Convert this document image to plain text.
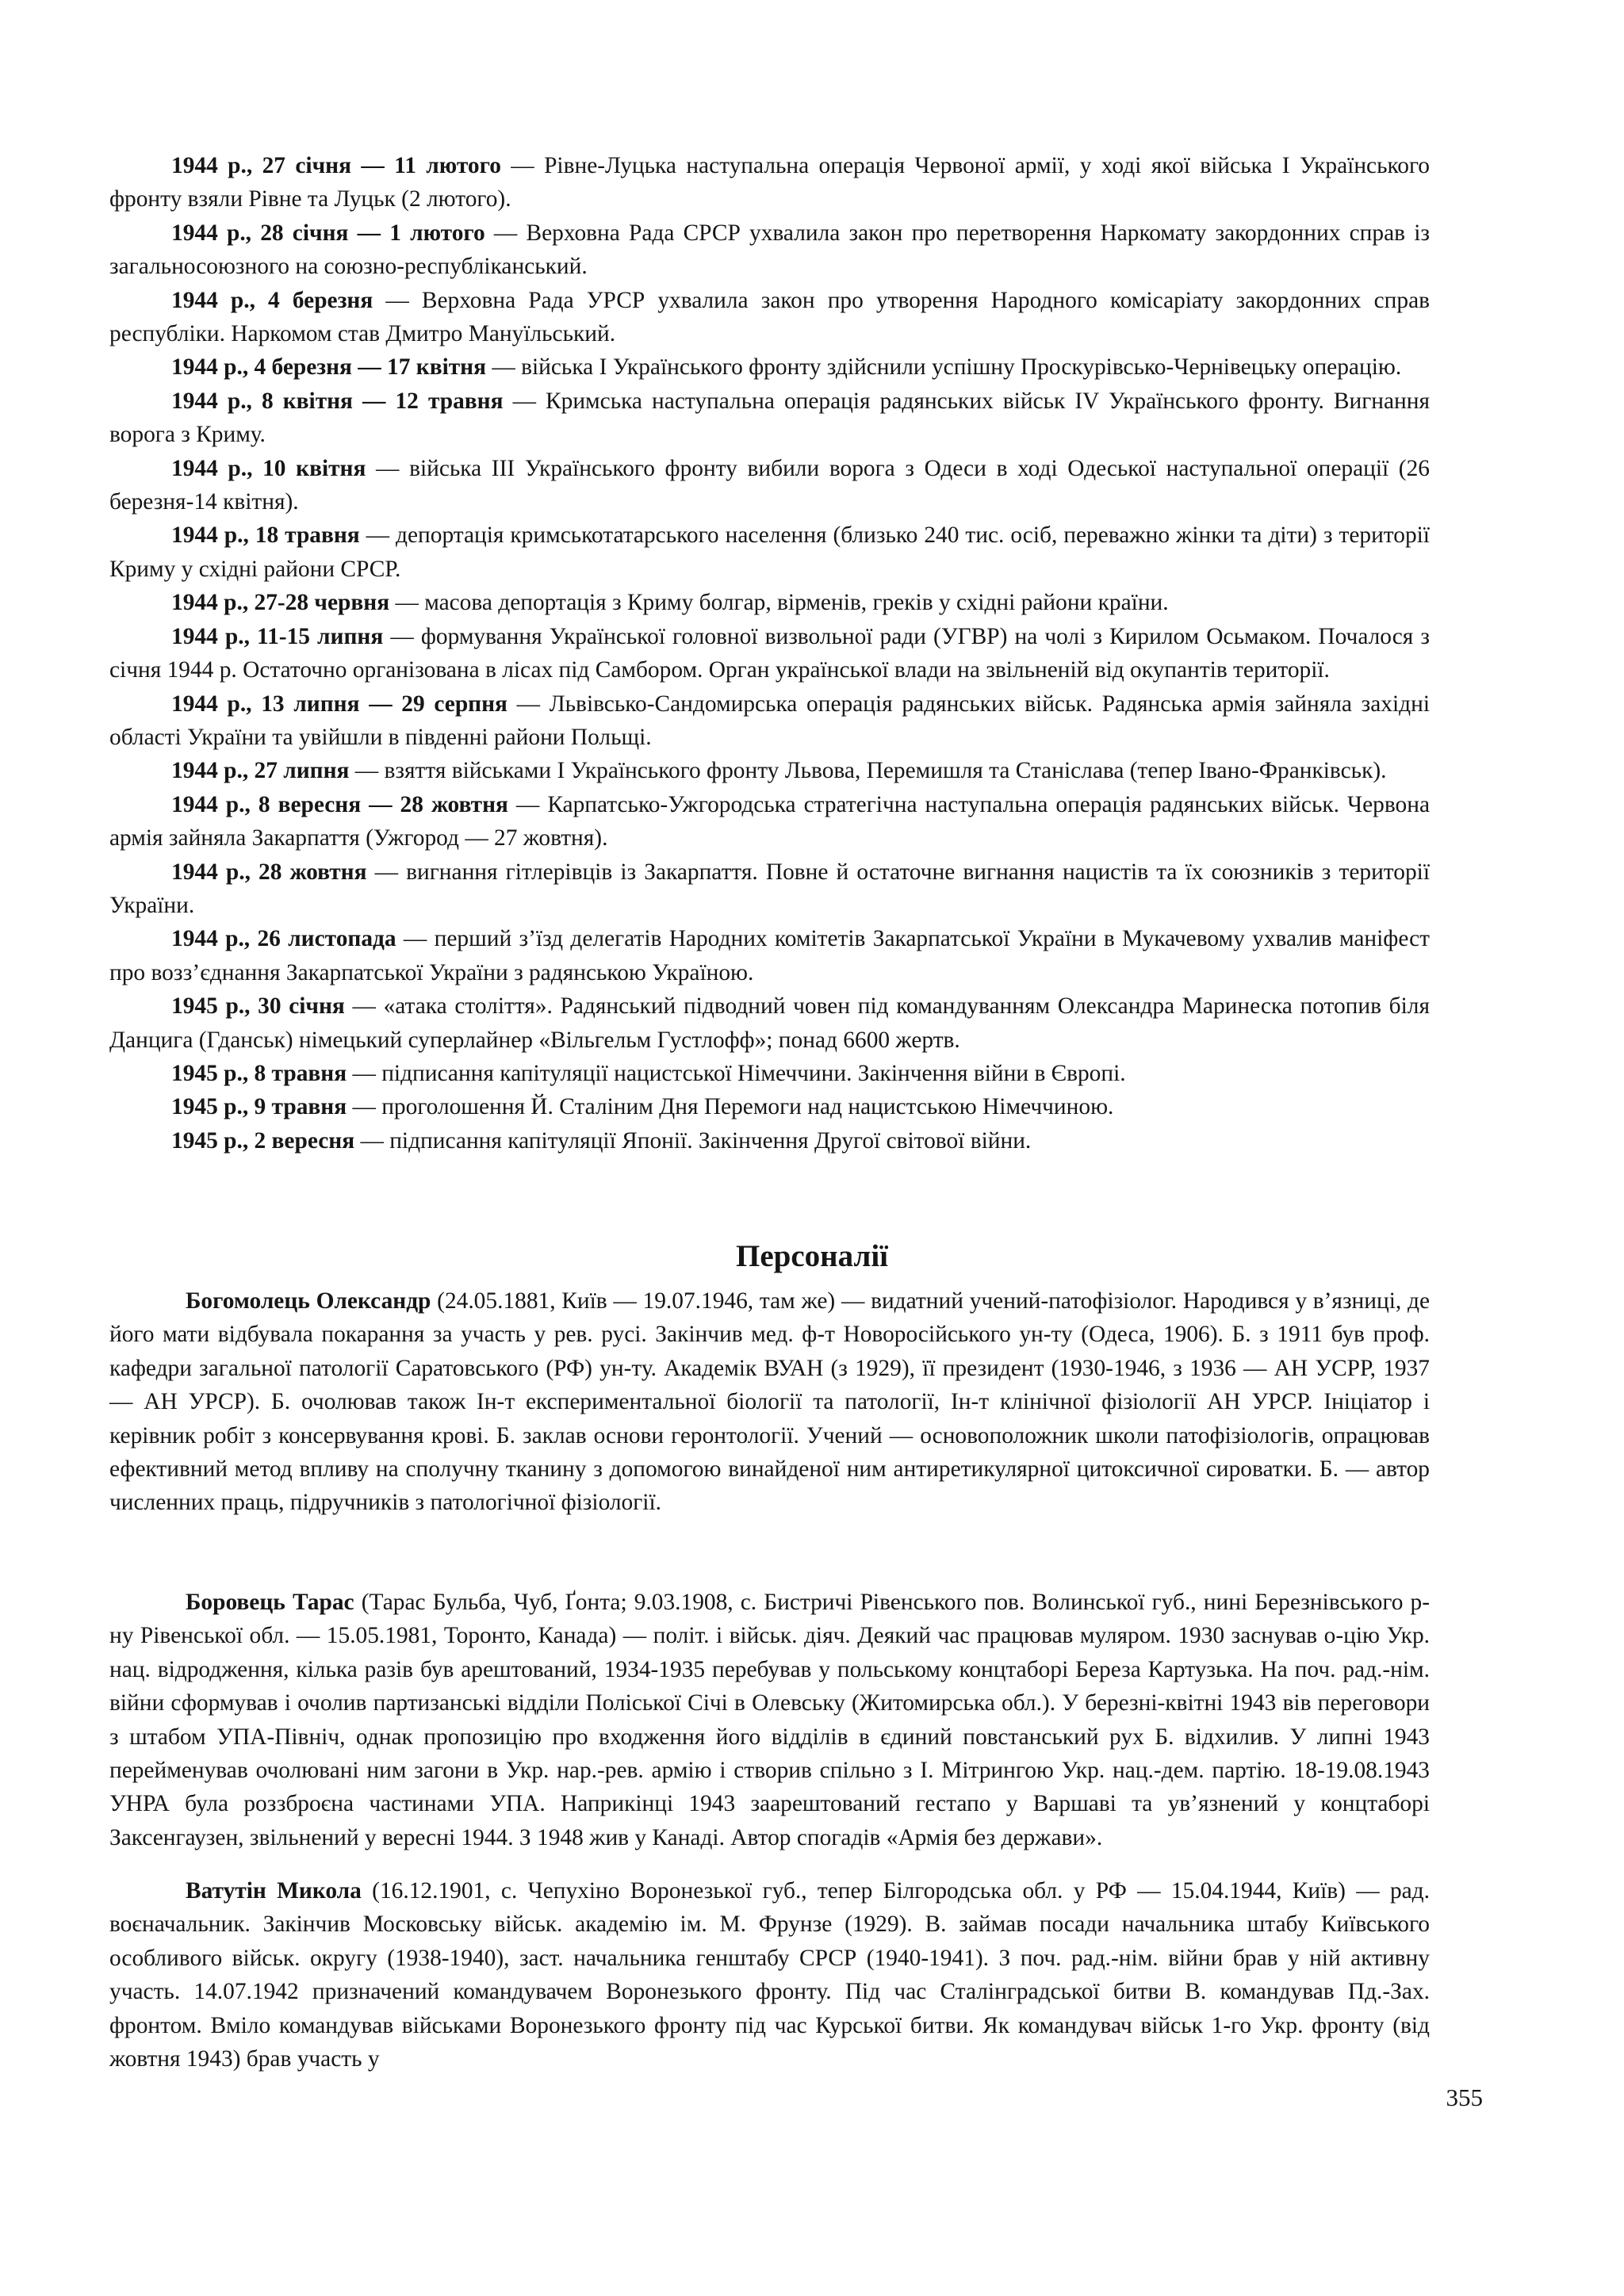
1944 р., 27 січня — 11 лютого — Рівне-Луцька наступальна операція Червоної армії, у ході якої війська І Українського фронту взяли Рівне та Луцьк (2 лютого).

1944 р., 28 січня — 1 лютого — Верховна Рада СРСР ухвалила закон про перетворення Наркомату закордонних справ із загальносоюзного на союзно-республіканський.

1944 р., 4 березня — Верховна Рада УРСР ухвалила закон про утворення Народного комісаріату закордонних справ республіки. Наркомом став Дмитро Мануїльський.

1944 р., 4 березня — 17 квітня — війська І Українського фронту здійснили успішну Проскурівсько-Чернівецьку операцію.

1944 р., 8 квітня — 12 травня — Кримська наступальна операція радянських військ IV Українського фронту. Вигнання ворога з Криму.

1944 р., 10 квітня — війська ІІІ Українського фронту вибили ворога з Одеси в ході Одеської наступальної операції (26 березня-14 квітня).

1944 р., 18 травня — депортація кримськотатарського населення (близько 240 тис. осіб, переважно жінки та діти) з території Криму у східні райони СРСР.

1944 р., 27-28 червня — масова депортація з Криму болгар, вірменів, греків у східні райони країни.

1944 р., 11-15 липня — формування Української головної визвольної ради (УГВР) на чолі з Кирилом Осьмаком. Почалося з січня 1944 р. Остаточно організована в лісах під Самбором. Орган української влади на звільненій від окупантів території.

1944 р., 13 липня — 29 серпня — Львівсько-Сандомирська операція радянських військ. Радянська армія зайняла західні області України та увійшли в південні райони Польщі.

1944 р., 27 липня — взяття військами І Українського фронту Львова, Перемишля та Станіслава (тепер Івано-Франківськ).

1944 р., 8 вересня — 28 жовтня — Карпатсько-Ужгородська стратегічна наступальна операція радянських військ. Червона армія зайняла Закарпаття (Ужгород — 27 жовтня).

1944 р., 28 жовтня — вигнання гітлерівців із Закарпаття. Повне й остаточне вигнання нацистів та їх союзників з території України.

1944 р., 26 листопада — перший з’їзд делегатів Народних комітетів Закарпатської України в Мукачевому ухвалив маніфест про возз’єднання Закарпатської України з радянською Україною.

1945 р., 30 січня — «атака століття». Радянський підводний човен під командуванням Олександра Маринеска потопив біля Данцига (Гданськ) німецький суперлайнер «Вільгельм Густлофф»; понад 6600 жертв.

1945 р., 8 травня — підписання капітуляції нацистської Німеччини. Закінчення війни в Європі.

1945 р., 9 травня — проголошення Й. Сталіним Дня Перемоги над нацистською Німеччиною.

1945 р., 2 вересня — підписання капітуляції Японії. Закінчення Другої світової війни.

Персоналії

Богомолець Олександр (24.05.1881, Київ — 19.07.1946, там же) — видатний учений-патофізіолог. Народився у в’язниці, де його мати відбувала покарання за участь у рев. русі. Закінчив мед. ф-т Новоросійського ун-ту (Одеса, 1906). Б. з 1911 був проф. кафедри загальної патології Саратовського (РФ) ун-ту. Академік ВУАН (з 1929), її президент (1930-1946, з 1936 — АН УСРР, 1937 — АН УРСР). Б. очолював також Ін-т експериментальної біології та патології, Ін-т клінічної фізіології АН УРСР. Ініціатор і керівник робіт з консервування крові. Б. заклав основи геронтології. Учений — основоположник школи патофізіологів, опрацював ефективний метод впливу на сполучну тканину з допомогою винайденої ним антиретикулярної цитоксичної сироватки. Б. — автор численних праць, підручників з патологічної фізіології.

Боровець Тарас (Тарас Бульба, Чуб, Ґонта; 9.03.1908, с. Бистричі Рівенського пов. Волинської губ., нині Березнівського р-ну Рівенської обл. — 15.05.1981, Торонто, Канада) — політ. і військ. діяч. Деякий час працював муляром. 1930 заснував о-цію Укр. нац. відродження, кілька разів був арештований, 1934-1935 перебував у польському концтаборі Береза Картузька. На поч. рад.-нім. війни сформував і очолив партизанські відділи Поліської Січі в Олевську (Житомирська обл.). У березні-квітні 1943 вів переговори з штабом УПА-Північ, однак пропозицію про входження його відділів в єдиний повстанський рух Б. відхилив. У липні 1943 перейменував очолювані ним загони в Укр. нар.-рев. армію і створив спільно з І. Мітрингою Укр. нац.-дем. партію. 18-19.08.1943 УНРА була роззброєна частинами УПА. Наприкінці 1943 заарештований гестапо у Варшаві та ув’язнений у концтаборі Заксенгаузен, звільнений у вересні 1944. З 1948 жив у Канаді. Автор спогадів «Армія без держави».

Ватутін Микола (16.12.1901, с. Чепухіно Воронезької губ., тепер Білгородська обл. у РФ — 15.04.1944, Київ) — рад. воєначальник. Закінчив Московську військ. академію ім. М. Фрунзе (1929). В. займав посади начальника штабу Київського особливого військ. округу (1938-1940), заст. начальника генштабу СРСР (1940-1941). З поч. рад.-нім. війни брав у ній активну участь. 14.07.1942 призначений командувачем Воронезького фронту. Під час Сталінградської битви В. командував Пд.-Зах. фронтом. Вміло командував військами Воронезького фронту під час Курської битви. Як командувач військ 1-го Укр. фронту (від жовтня 1943) брав участь у

355
